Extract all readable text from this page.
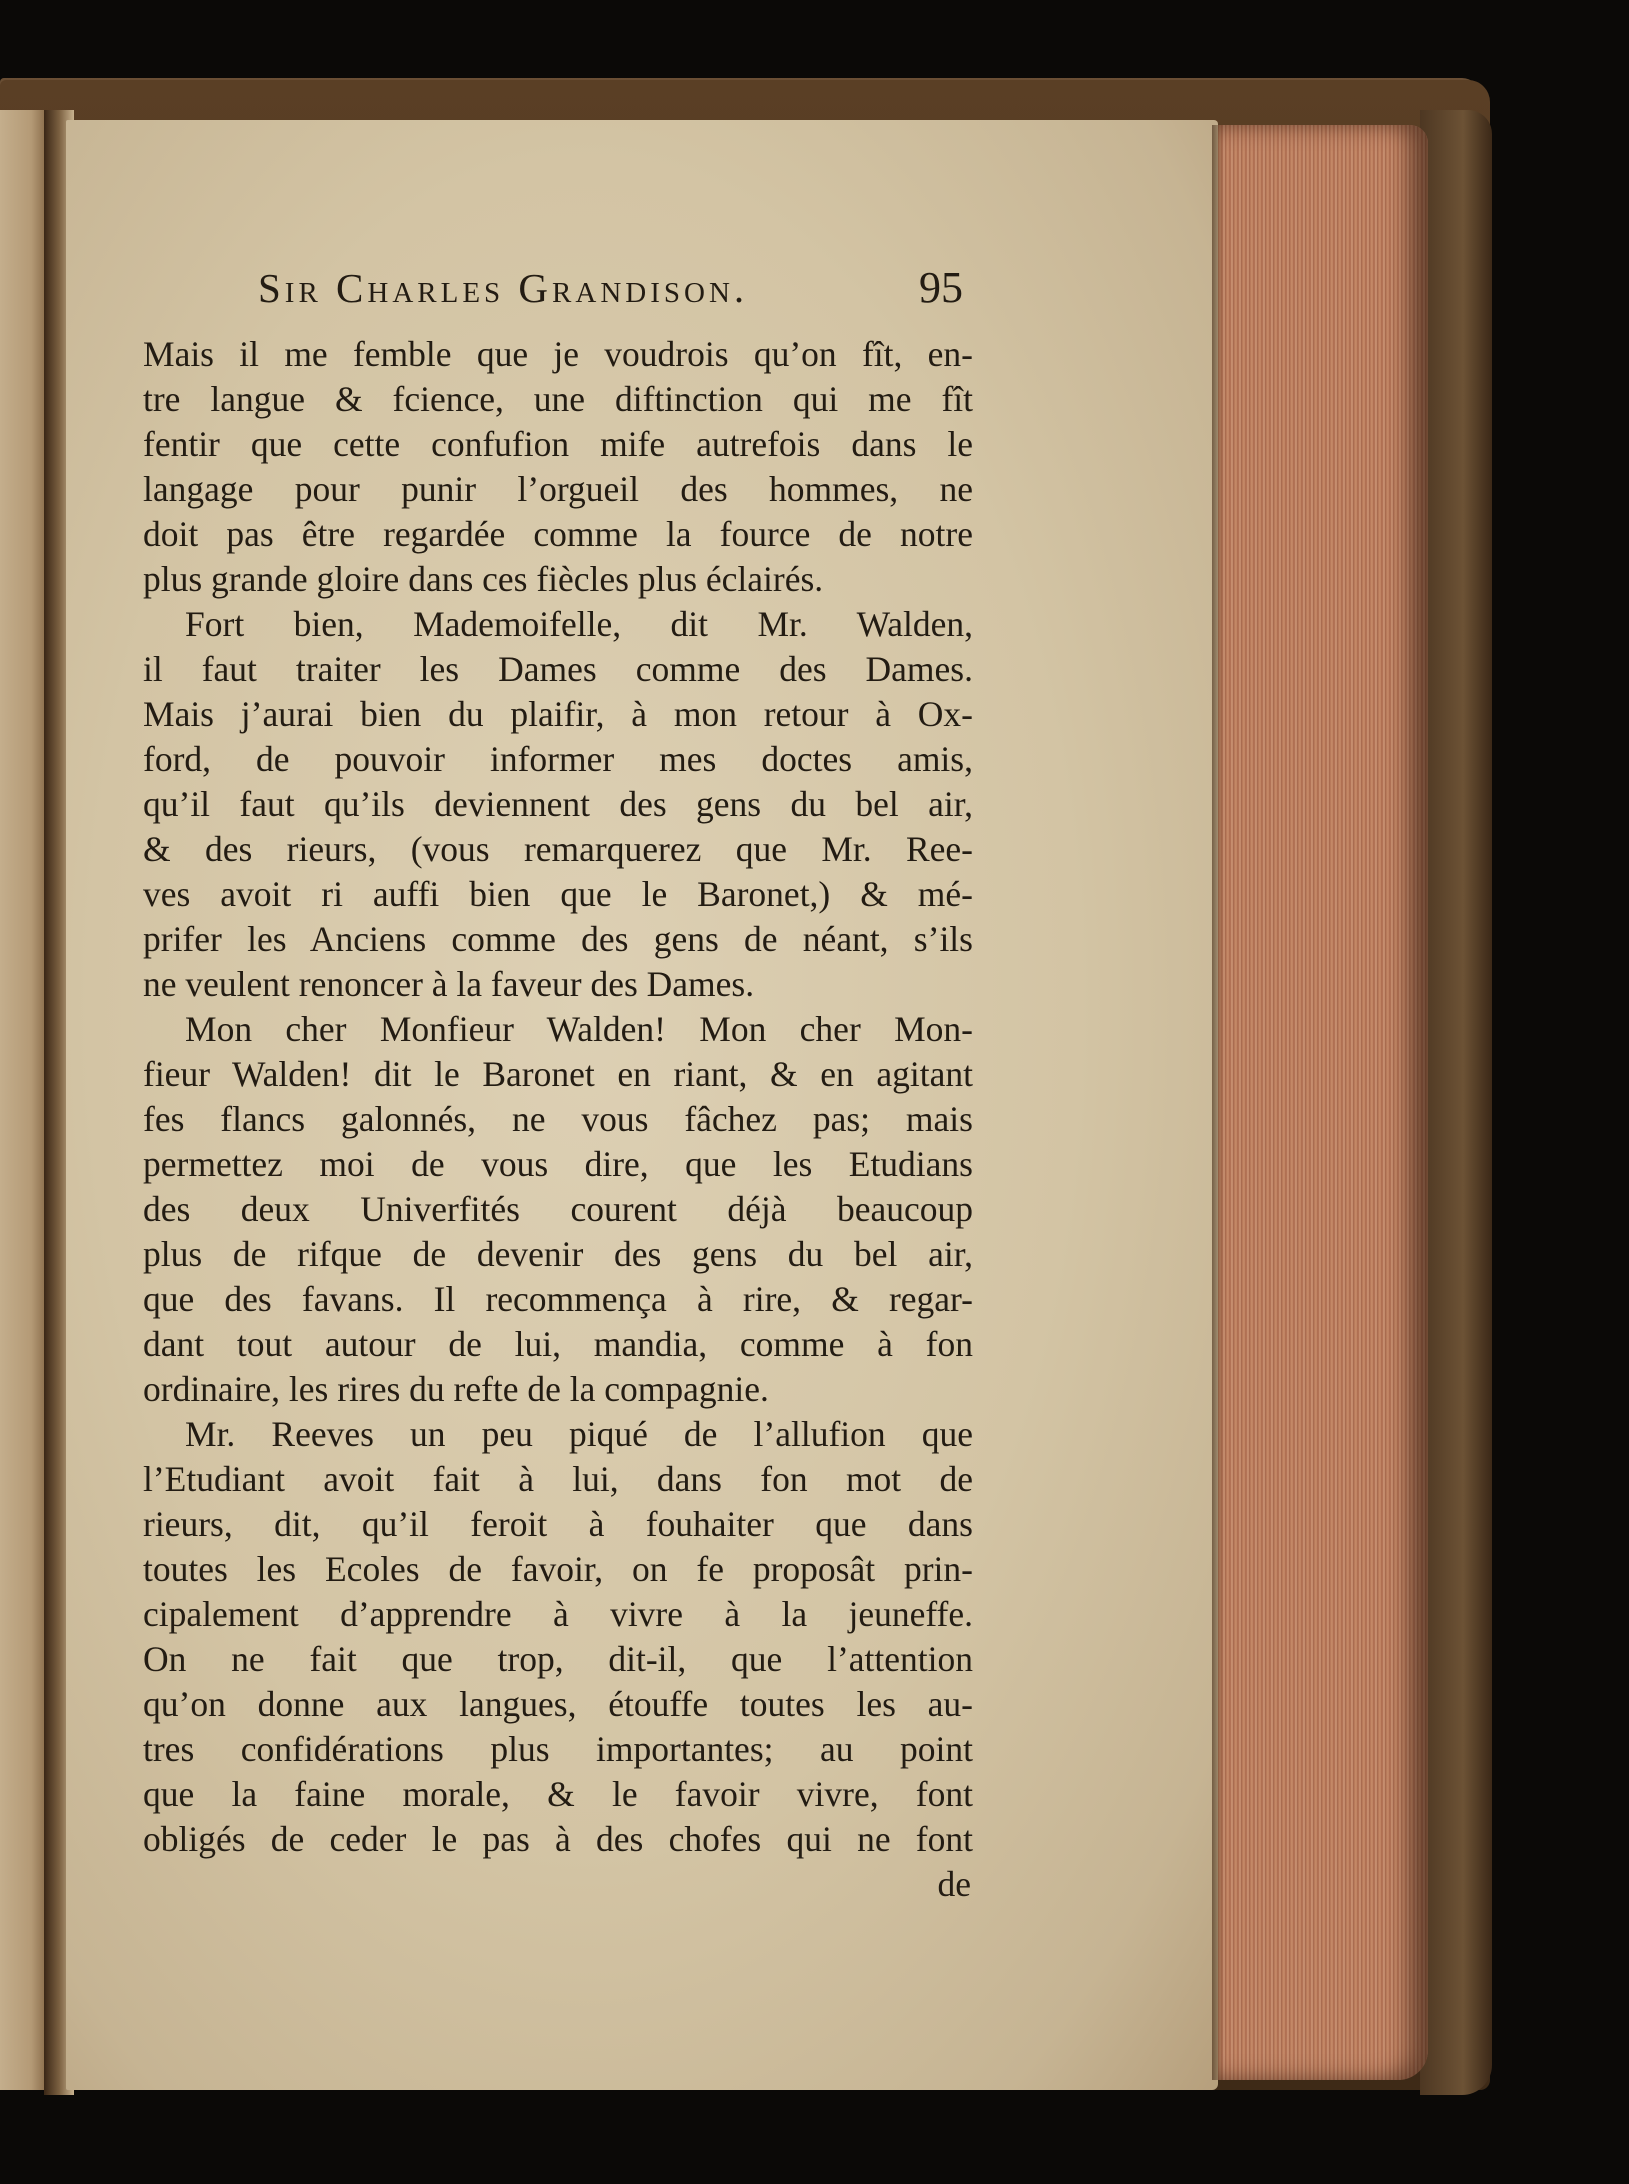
Sir Charles Grandison.	95
Mais il me femble que je voudrois qu’on fît, en-
tre langue & fcience, une diftinction qui me fît
fentir que cette confufion mife autrefois dans le
langage pour punir l’orgueil des hommes, ne
doit pas être regardée comme la fource de notre
plus grande gloire dans ces fiècles plus éclairés.
Fort bien, Mademoifelle, dit Mr. Walden,
il faut traiter les Dames comme des Dames.
Mais j’aurai bien du plaifir, à mon retour à Ox-
ford, de pouvoir informer mes doctes amis,
qu’il faut qu’ils deviennent des gens du bel air,
& des rieurs, (vous remarquerez que Mr. Ree-
ves avoit ri auffi bien que le Baronet,) & mé-
prifer les Anciens comme des gens de néant, s’ils
ne veulent renoncer à la faveur des Dames.
Mon cher Monfieur Walden! Mon cher Mon-
fieur Walden! dit le Baronet en riant, & en agitant
fes flancs galonnés, ne vous fâchez pas; mais
permettez moi de vous dire, que les Etudians
des deux Univerfités courent déjà beaucoup
plus de rifque de devenir des gens du bel air,
que des favans. Il recommença à rire, & regar-
dant tout autour de lui, mandia, comme à fon
ordinaire, les rires du refte de la compagnie.
Mr. Reeves un peu piqué de l’allufion que
l’Etudiant avoit fait à lui, dans fon mot de
rieurs, dit, qu’il feroit à fouhaiter que dans
toutes les Ecoles de favoir, on fe proposât prin-
cipalement d’apprendre à vivre à la jeuneffe.
On ne fait que trop, dit-il, que l’attention
qu’on donne aux langues, étouffe toutes les au-
tres confidérations plus importantes; au point
que la faine morale, & le favoir vivre, font
obligés de ceder le pas à des chofes qui ne font
de
